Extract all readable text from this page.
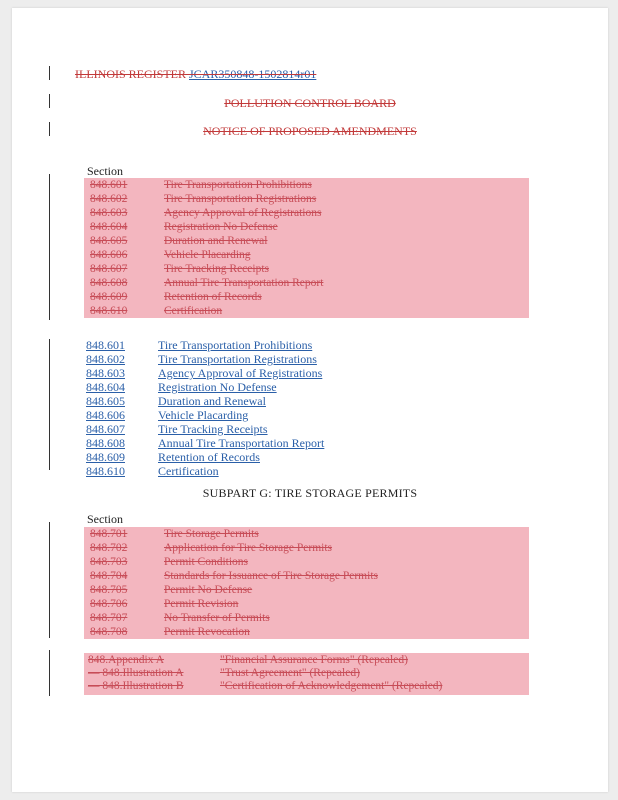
ILLINOIS REGISTER JCAR350848-1502814r01
POLLUTION CONTROL BOARD
NOTICE OF PROPOSED AMENDMENTS
Section
848.601	Tire Transportation Prohibitions
848.602	Tire Transportation Registrations
848.603	Agency Approval of Registrations
848.604	Registration No Defense
848.605	Duration and Renewal
848.606	Vehicle Placarding
848.607	Tire Tracking Receipts
848.608	Annual Tire Transportation Report
848.609	Retention of Records
848.610	Certification
848.601	Tire Transportation Prohibitions
848.602	Tire Transportation Registrations
848.603	Agency Approval of Registrations
848.604	Registration No Defense
848.605	Duration and Renewal
848.606	Vehicle Placarding
848.607	Tire Tracking Receipts
848.608	Annual Tire Transportation Report
848.609	Retention of Records
848.610	Certification
SUBPART G: TIRE STORAGE PERMITS
Section
848.701	Tire Storage Permits
848.702	Application for Tire Storage Permits
848.703	Permit Conditions
848.704	Standards for Issuance of Tire Storage Permits
848.705	Permit No Defense
848.706	Permit Revision
848.707	No Transfer of Permits
848.708	Permit Revocation
848.Appendix A	"Financial Assurance Forms" (Repealed)
— 848.Illustration A	"Trust Agreement" (Repealed)
— 848.Illustration B	"Certification of Acknowledgement" (Repealed)
